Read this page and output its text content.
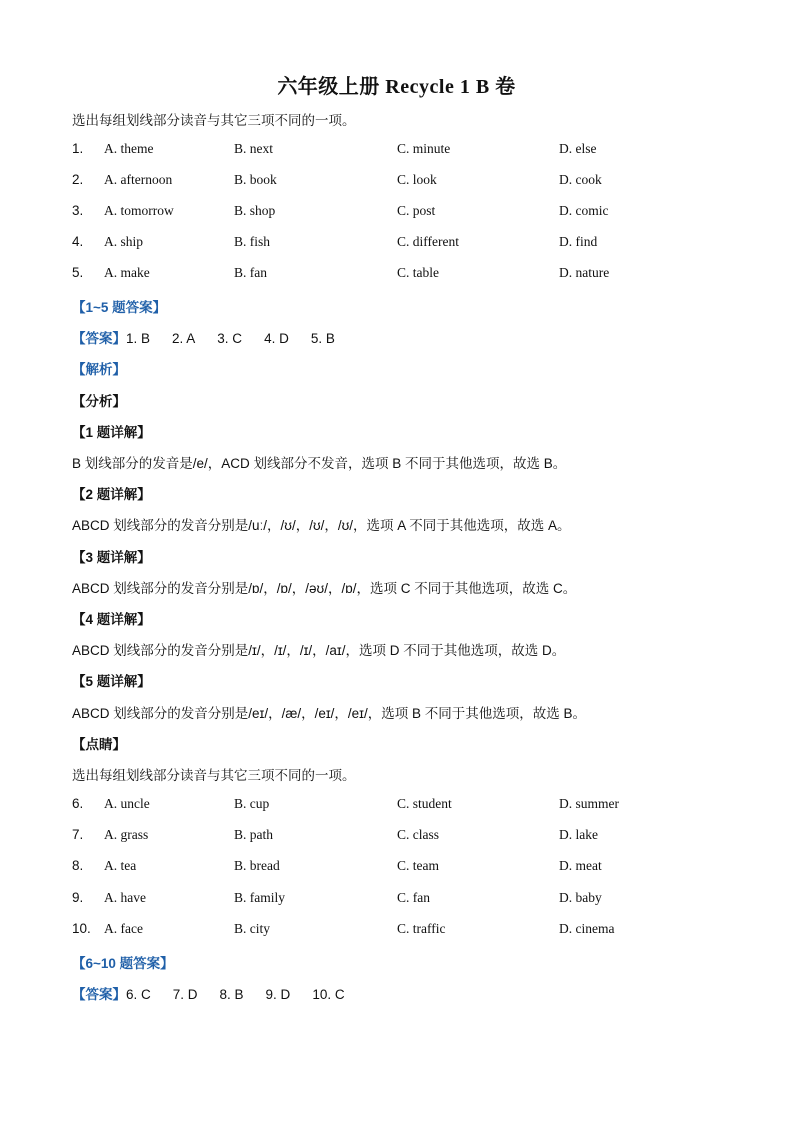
六年级上册 Recycle 1 B 卷
选出每组划线部分读音与其它三项不同的一项。
1. A. theme	B. next	C. minute	D. else
2. A. afternoon	B. book	C. look	D. cook
3. A. tomorrow	B. shop	C. post	D. comic
4. A. ship	B. fish	C. different	D. find
5. A. make	B. fan	C. table	D. nature
【1~5 题答案】
【答案】1. B 2. A 3. C 4. D 5. B
【解析】
【分析】
【1 题详解】
B 划线部分的发音是/e/，ACD 划线部分不发音，选项 B 不同于其他选项，故选 B。
【2 题详解】
ABCD 划线部分的发音分别是/uː/，/ʊ/，/ʊ/，/ʊ/，选项 A 不同于其他选项，故选 A。
【3 题详解】
ABCD 划线部分的发音分别是/ɒ/，/ɒ/，/əʊ/，/ɒ/，选项 C 不同于其他选项，故选 C。
【4 题详解】
ABCD 划线部分的发音分别是/ɪ/，/ɪ/，/ɪ/，/aɪ/，选项 D 不同于其他选项，故选 D。
【5 题详解】
ABCD 划线部分的发音分别是/eɪ/，/æ/，/eɪ/，/eɪ/，选项 B 不同于其他选项，故选 B。
【点睛】
选出每组划线部分读音与其它三项不同的一项。
6. A. uncle	B. cup	C. student	D. summer
7. A. grass	B. path	C. class	D. lake
8. A. tea	B. bread	C. team	D. meat
9. A. have	B. family	C. fan	D. baby
10. A. face	B. city	C. traffic	D. cinema
【6~10 题答案】
【答案】6. C 7. D 8. B 9. D 10. C
